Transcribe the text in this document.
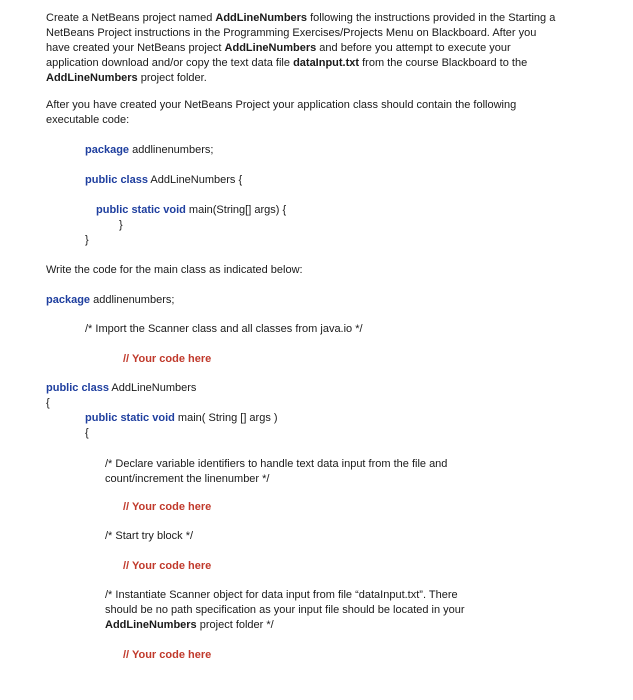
Create a NetBeans project named AddLineNumbers following the instructions provided in the Starting a
NetBeans Project instructions in the Programming Exercises/Projects Menu on Blackboard. After you
have created your NetBeans project AddLineNumbers and before you attempt to execute your
application download and/or copy the text data file dataInput.txt from the course Blackboard to the
AddLineNumbers project folder.
After you have created your NetBeans Project your application class should contain the following
executable code:
package addlinenumbers;
public class AddLineNumbers {
public static void main(String[] args) {
}
}
Write the code for the main class as indicated below:
package addlinenumbers;
/* Import the Scanner class and all classes from java.io */
// Your code here
public class AddLineNumbers
{
public static void main( String [] args )
{
/* Declare variable identifiers to handle text data input from the file and
count/increment the linenumber */
// Your code here
/* Start try block */
// Your code here
/* Instantiate Scanner object for data input from file “dataInput.txt”. There
should be no path specification as your input file should be located in your
AddLineNumbers project folder */
// Your code here
